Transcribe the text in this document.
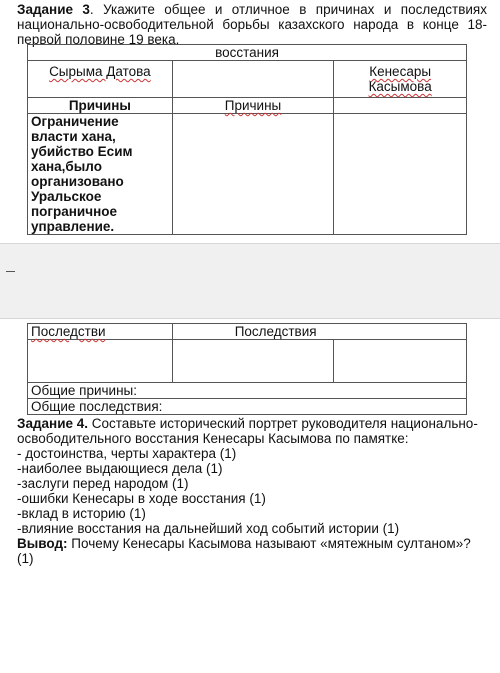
Задание 3. Укажите общее и отличное в причинах и последствиях национально-освободительной борьбы казахского народа в конце 18-первой половине 19 века.
восстания		
Сырыма Датова		Кенесары Касымова
Причины	Причины	
Ограничение власти хана, убийство Есим хана,было организовано Уральское пограничное управление.		
Последстви	Последствия	

Общие причины:		
Общие последствия:		
Задание 4. Составьте исторический портрет руководителя национально-освободительного восстания Кенесары Касымова по памятке:
- достоинства, черты характера (1)
-наиболее выдающиеся дела (1)
-заслуги перед народом (1)
-ошибки Кенесары в ходе восстания (1)
-вклад в историю (1)
-влияние восстания на дальнейший ход событий истории (1)
Вывод: Почему Кенесары Касымова называют «мятежным султаном»? (1)
